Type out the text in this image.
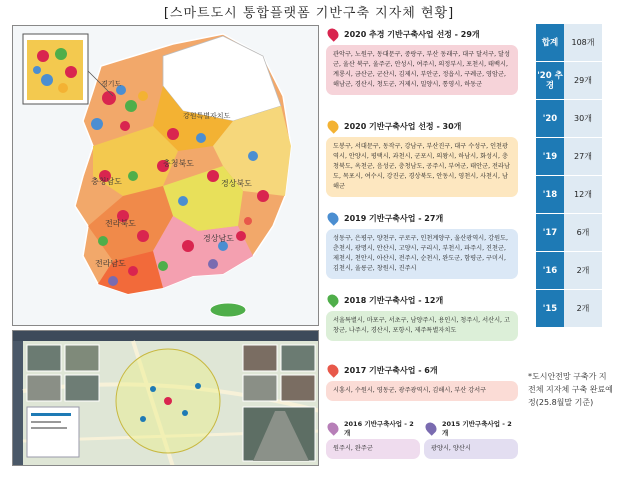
[스마트도시 통합플랫폼 기반구축 지자체 현황]
강원특별자치도
경기도
충청북도
충청남도	경상북도
전라북도
전라남도
경상남도
2020 추경 기반구축사업 선정 - 29개
관악구, 노원구, 동대문구, 중랑구, 부산 동래구, 대구 달서구, 달성군, 울산 북구, 울주군, 안성시, 여주시, 의정부시, 포천시, 태백시, 계룡시, 금산군, 군산시, 김제시, 부안군, 정읍시, 구례군, 영암군, 해남군, 경산시, 청도군, 거제시, 밀양시, 통영시, 하동군
2020 기반구축사업 선정 - 30개
도봉구, 서대문구, 동작구, 강남구, 부산진구, 대구 수성구, 인천광역시, 안양시, 평택시, 과천시, 군포시, 의왕시, 하남시, 화성시, 충청북도, 옥천군, 음성군, 충청남도, 공주시, 부여군, 태안군, 전라남도, 목포시, 여수시, 강진군, 경상북도, 안동시, 영천시, 사천시, 남해군
2019 기반구축사업 - 27개
성동구, 은평구, 양천구, 구로구, 인천계양구, 울산광역시, 강원도, 춘천시, 광명시, 안산시, 고양시, 구리시, 부천시, 파주시, 진천군, 제천시, 천안시, 아산시, 전주시, 순천시, 완도군, 함평군, 구미시, 김천시, 울릉군, 창원시, 진주시
2018 기반구축사업 - 12개
서울특별시, 마포구, 서초구, 남양주시, 용인시, 청주시, 서산시, 고창군, 나주시, 경산시, 포항시, 제주특별자치도
2017 기반구축사업 - 6개
시흥시, 수원시, 영동군, 광주광역시, 김해시, 부산 강서구
2016 기반구축사업 - 2개
원주시, 완주군
2015 기반구축사업 - 2개
광양시, 양산시
합계	108개
'20 추경	29개
'20	30개
'19	27개
'18	12개
'17	6개
'16	2개
'15	2개
*도시안전망 구축가 지 전체 지자체 구축 완료예정(25.8월말 기준)
